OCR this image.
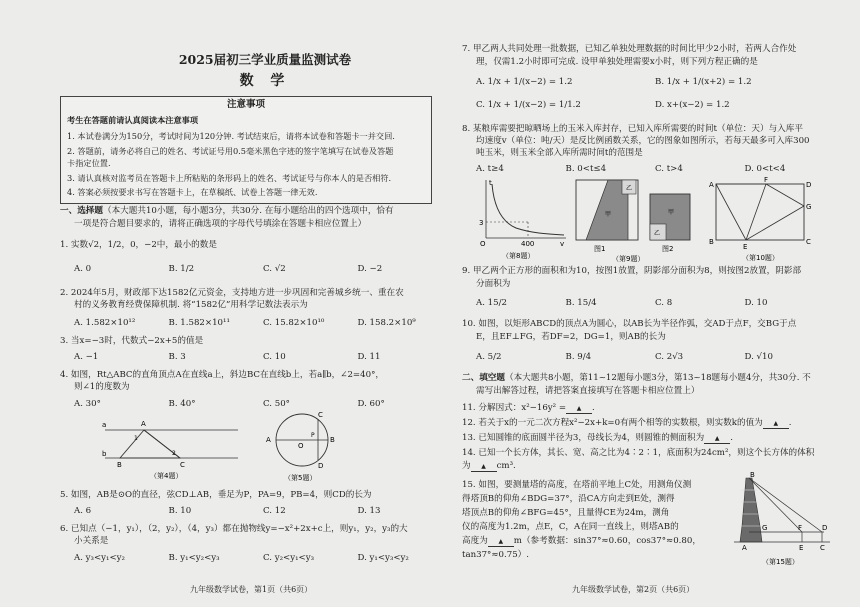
2025届初三学业质量监测试卷
数 学
注意事项
考生在答题前请认真阅读本注意事项
1. 本试卷满分为150分，考试时间为120分钟. 考试结束后，请将本试卷和答题卡一并交回.
2. 答题前，请务必将自己的姓名、考试证号用0.5毫米黑色字迹的签字笔填写在试卷及答题
卡指定位置.
3. 请认真核对监考员在答题卡上所粘贴的条形码上的姓名、考试证号与你本人的是否相符.
4. 答案必须按要求书写在答题卡上，在草稿纸、试卷上答题一律无效.
一、选择题（本大题共10小题，每小题3分，共30分. 在每小题给出的四个选项中，恰有
一项是符合题目要求的，请将正确选项的字母代号填涂在答题卡相应位置上）
1. 实数√2，1/2，0，−2中，最小的数是
A. 0	B. 1/2	C. √2	D. −2
2. 2024年5月，财政部下达1582亿元资金，支持地方进一步巩固和完善城乡统一、重在农
村的义务教育经费保障机制. 将“1582亿”用科学记数法表示为
A. 1.582×10¹²	B. 1.582×10¹¹	C. 15.82×10¹⁰	D. 158.2×10⁹
3. 当x=−3时，代数式−2x+5的值是
A. −1	B. 3	C. 10	D. 11
4. 如图，Rt△ABC的直角顶点A在直线a上，斜边BC在直线b上，若a∥b，∠2=40°，
则∠1的度数为
A. 30°	B. 40°	C. 50°	D. 60°
a
b
A
B	C
1
2
（第4题）
A	B
C
D
O
P
（第5题）
5. 如图，AB是⊙O的直径，弦CD⊥AB，垂足为P，PA=9，PB=4，则CD的长为
A. 6	B. 10	C. 12	D. 13
6. 已知点（−1，y₁），（2，y₂），（4，y₃）都在抛物线y=−x²+2x+c上，则y₁，y₂，y₃的大
小关系是
A. y₃<y₁<y₂	B. y₁<y₂<y₃	C. y₂<y₁<y₃	D. y₁<y₃<y₂
九年级数学试卷，第1页（共6页）
7. 甲乙两人共同处理一批数据，已知乙单独处理数据的时间比甲少2小时，若两人合作处
理，仅需1.2小时即可完成. 设甲单独处理需要x小时，则下列方程正确的是
A. 1/x + 1/(x−2) = 1.2	B. 1/x + 1/(x+2) = 1.2
C. 1/x + 1/(x−2) = 1/1.2	D. x+(x−2) = 1.2
8. 某粮库需要把晾晒场上的玉米入库封存，已知入库所需要的时间t（单位：天）与入库平
均速度v（单位：吨/天）是反比例函数关系，它的图象如图所示，若每天最多可入库300
吨玉米，则玉米全部入库所需时间t的范围是
A. t≥4	B. 0<t≤4	C. t>4	D. 0<t<4
3
O	400	v
t
（第8题）
乙
甲	甲
乙
图1	图2
（第9题）
A
F
D
G
B
E
C
（第10题）
9. 甲乙两个正方形的面积和为10，按图1放置，阴影部分面积为8，则按图2放置，阴影部
分面积为
A. 15/2	B. 15/4	C. 8	D. 10
10. 如图，以矩形ABCD的顶点A为圆心，以AB长为半径作弧，交AD于点F，交BG于点
E，且EF⊥FG，若DF=2，DG=1，则AB的长为
A. 5/2	B. 9/4	C. 2√3	D. √10
二、填空题（本大题共8小题，第11~12题每小题3分，第13~18题每小题4分，共30分. 不
需写出解答过程，请把答案直接填写在答题卡相应位置上）
11. 分解因式：x²−16y² = ▲ .
12. 若关于x的一元二次方程x²−2x+k=0有两个相等的实数根，则实数k的值为 ▲ .
13. 已知圆锥的底面圆半径为3，母线长为4，则圆锥的侧面积为 ▲ .
14. 已知一个长方体，其长、宽、高之比为4∶2∶1，底面积为24cm²，则这个长方体的体积
为 ▲ cm³.
15. 如图，要测量塔的高度，在塔前平地上C处，用测角仪测
得塔顶B的仰角∠BDG=37°，沿CA方向走到E处，测得
塔顶点B的仰角∠BFG=45°，且量得CE为24m，测角
仪的高度为1.2m，点E，C，A在同一直线上，则塔AB的
高度为 ▲ m（参考数据：sin37°≈0.60，cos37°≈0.80，
tan37°≈0.75）.
B
A	E C
F	D
G
（第15题）
九年级数学试卷，第2页（共6页）
